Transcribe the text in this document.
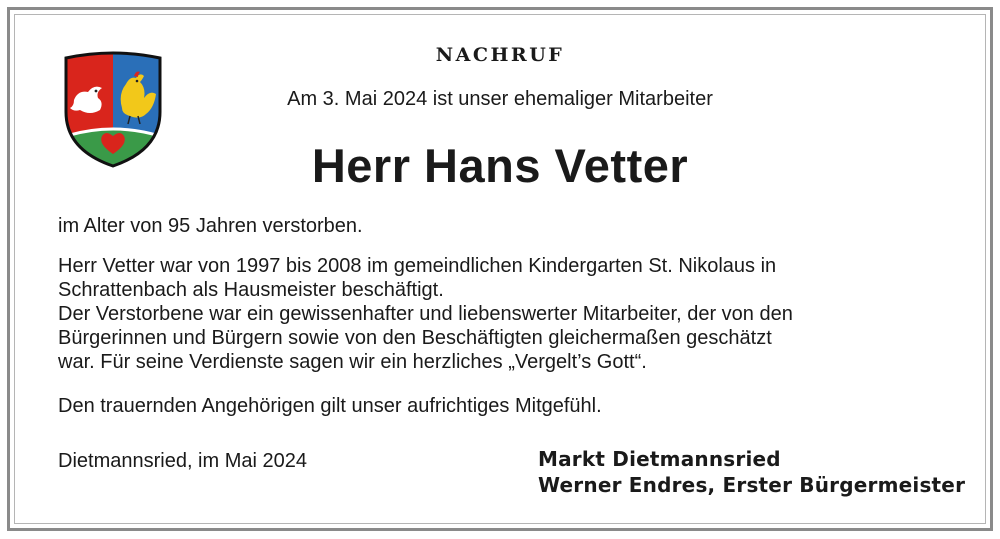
NACHRUF
Am 3. Mai 2024 ist unser ehemaliger Mitarbeiter
Herr Hans Vetter
im Alter von 95 Jahren verstorben.
Herr Vetter war von 1997 bis 2008 im gemeindlichen Kindergarten St. Nikolaus in
Schrattenbach als Hausmeister beschäftigt.
Der Verstorbene war ein gewissenhafter und liebenswerter Mitarbeiter, der von den
Bürgerinnen und Bürgern sowie von den Beschäftigten gleichermaßen geschätzt
war. Für seine Verdienste sagen wir ein herzliches „Vergelt’s Gott“.
Den trauernden Angehörigen gilt unser aufrichtiges Mitgefühl.
Dietmannsried, im Mai 2024	Markt Dietmannsried
Werner Endres, Erster Bürgermeister
